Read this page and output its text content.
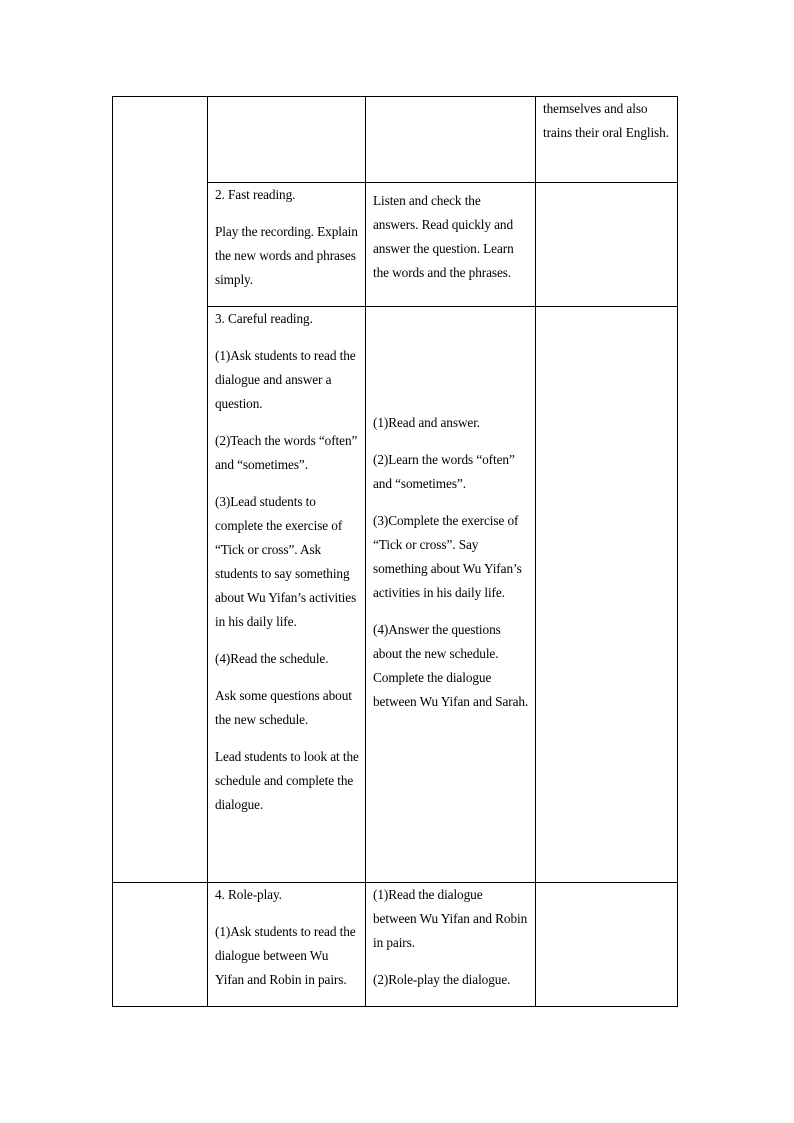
themselves and also trains their oral English.

2. Fast reading.

Play the recording. Explain the new words and phrases simply.

Listen and check the answers. Read quickly and answer the question. Learn the words and the phrases.

3. Careful reading.

(1)Ask students to read the dialogue and answer a question.

(2)Teach the words “often” and “sometimes”.

(3)Lead students to complete the exercise of “Tick or cross”. Ask students to say something about Wu Yifan’s activities in his daily life.

(4)Read the schedule.

Ask some questions about the new schedule.

Lead students to look at the schedule and complete the dialogue.

(1)Read and answer.

(2)Learn the words “often” and “sometimes”.

(3)Complete the exercise of “Tick or cross”. Say something about Wu Yifan’s activities in his daily life.

(4)Answer the questions about the new schedule. Complete the dialogue between Wu Yifan and Sarah.

4. Role-play.

(1)Ask students to read the dialogue between Wu Yifan and Robin in pairs.

(1)Read the dialogue between Wu Yifan and Robin in pairs.

(2)Role-play the dialogue.
